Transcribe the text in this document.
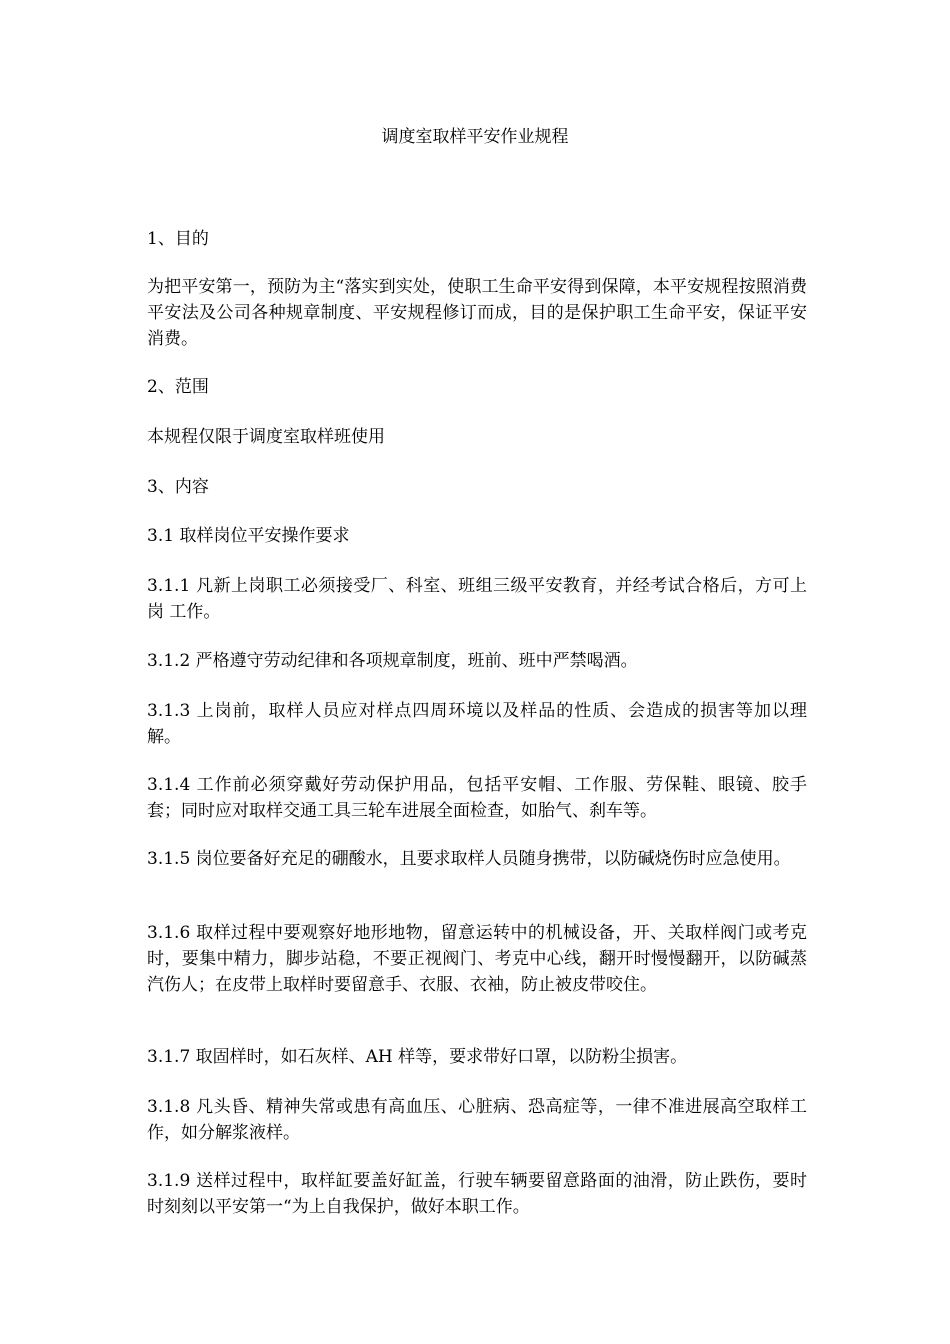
调度室取样平安作业规程

1、目的

为把平安第一，预防为主“落实到实处，使职工生命平安得到保障，本平安规程按照消费平安法及公司各种规章制度、平安规程修订而成，目的是保护职工生命平安，保证平安消费。

2、范围

本规程仅限于调度室取样班使用

3、内容

3.1 取样岗位平安操作要求

3.1.1 凡新上岗职工必须接受厂、科室、班组三级平安教育，并经考试合格后，方可上岗 工作。

3.1.2 严格遵守劳动纪律和各项规章制度，班前、班中严禁喝酒。

3.1.3 上岗前，取样人员应对样点四周环境以及样品的性质、会造成的损害等加以理解。

3.1.4 工作前必须穿戴好劳动保护用品，包括平安帽、工作服、劳保鞋、眼镜、胶手套；同时应对取样交通工具三轮车进展全面检查，如胎气、刹车等。

3.1.5 岗位要备好充足的硼酸水，且要求取样人员随身携带，以防碱烧伤时应急使用。

3.1.6 取样过程中要观察好地形地物，留意运转中的机械设备，开、关取样阀门或考克时，要集中精力，脚步站稳，不要正视阀门、考克中心线，翻开时慢慢翻开，以防碱蒸汽伤人；在皮带上取样时要留意手、衣服、衣袖，防止被皮带咬住。

3.1.7 取固样时，如石灰样、AH 样等，要求带好口罩，以防粉尘损害。

3.1.8 凡头昏、精神失常或患有高血压、心脏病、恐高症等，一律不准进展高空取样工作，如分解浆液样。

3.1.9 送样过程中，取样缸要盖好缸盖，行驶车辆要留意路面的油滑，防止跌伤，要时时刻刻以平安第一“为上自我保护，做好本职工作。
